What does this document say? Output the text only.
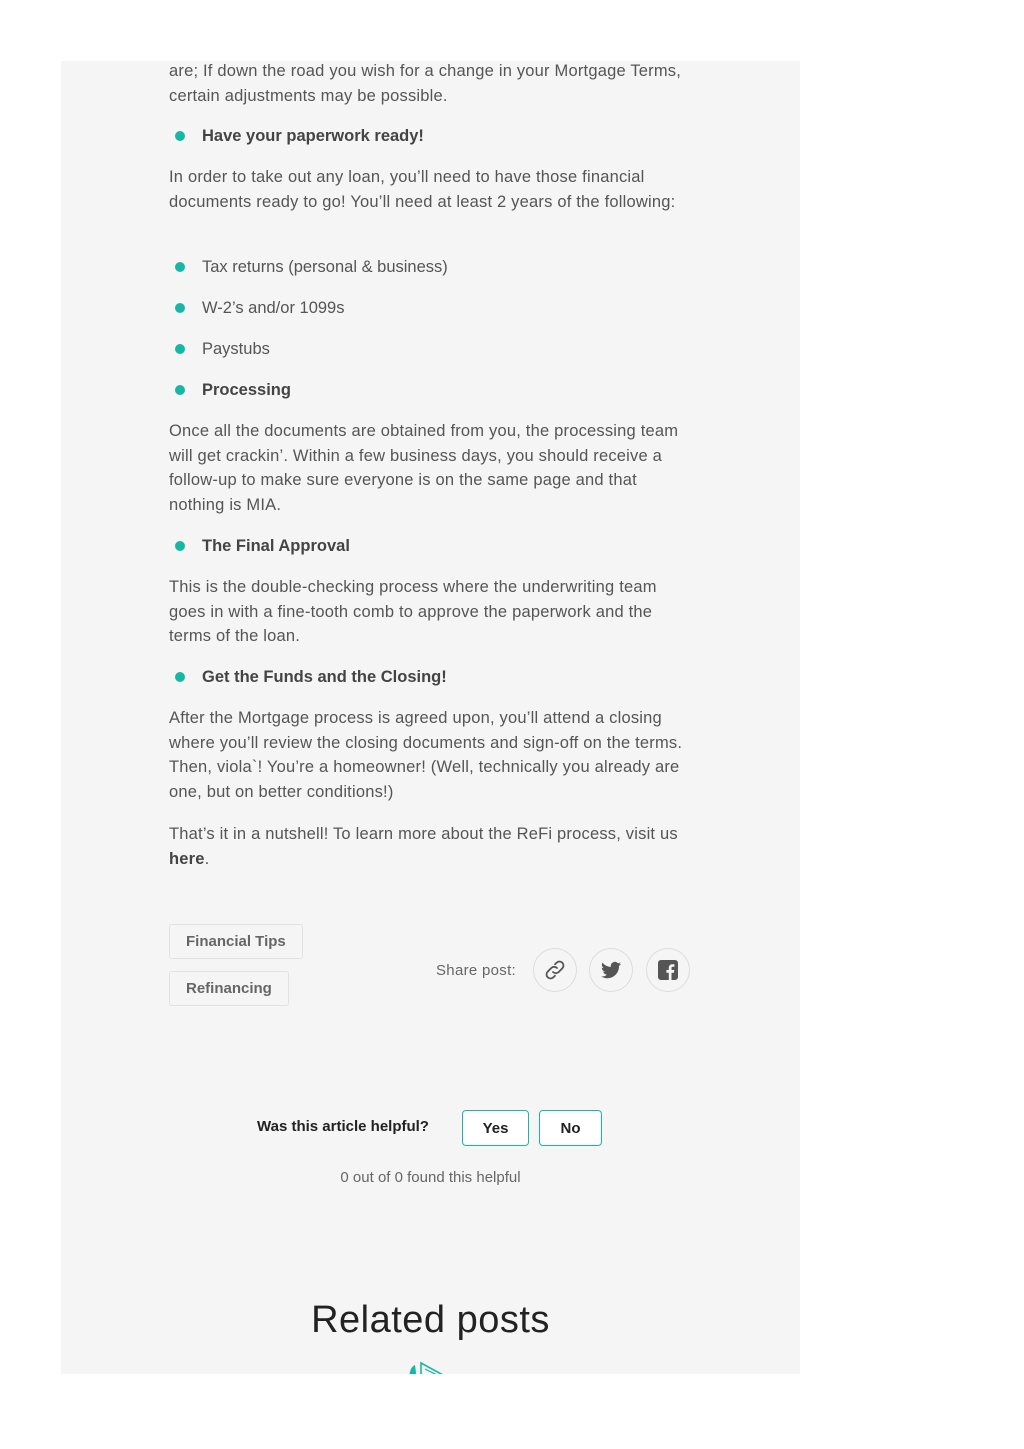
are; If down the road you wish for a change in your Mortgage Terms, certain adjustments may be possible.

Have your paperwork ready!

In order to take out any loan, you’ll need to have those financial documents ready to go! You’ll need at least 2 years of the following:

Tax returns (personal & business)
W-2’s and/or 1099s
Paystubs
Processing

Once all the documents are obtained from you, the processing team will get crackin’. Within a few business days, you should receive a follow-up to make sure everyone is on the same page and that nothing is MIA.

The Final Approval

This is the double-checking process where the underwriting team goes in with a fine-tooth comb to approve the paperwork and the terms of the loan.

Get the Funds and the Closing!

After the Mortgage process is agreed upon, you’ll attend a closing where you’ll review the closing documents and sign-off on the terms. Then, viola`! You’re a homeowner! (Well, technically you already are one, but on better conditions!)

That’s it in a nutshell! To learn more about the ReFi process, visit us here.

Financial Tips
Refinancing
Share post:
Was this article helpful?	Yes	No
0 out of 0 found this helpful
Related posts
